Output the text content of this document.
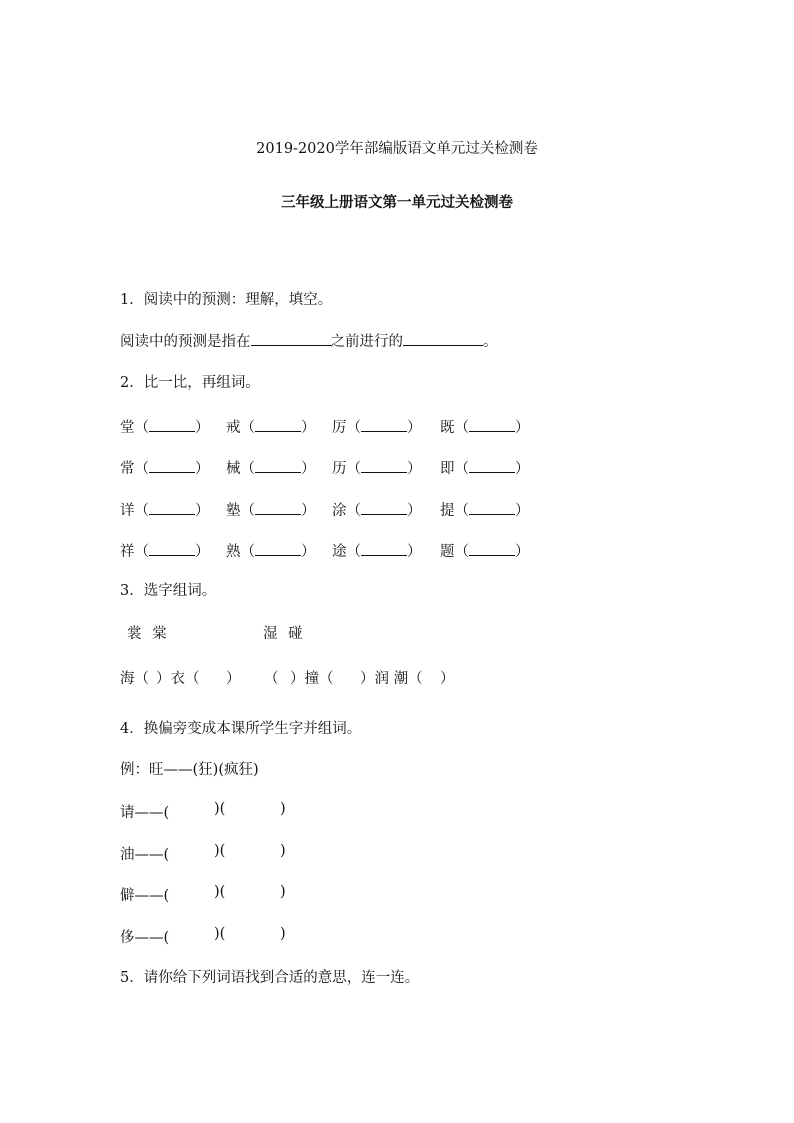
2019-2020学年部编版语文单元过关检测卷
三年级上册语文第一单元过关检测卷
1．阅读中的预测：理解，填空。
阅读中的预测是指在	之前进行的	。
2．比一比，再组词。
堂（	） 戒（	） 厉（	） 既（	）
常（	） 械（	） 历（	） 即（	）
详（	） 塾（	） 涂（	） 提（	）
祥（	） 熟（	） 途（	） 题（	）
3．选字组词。
裳 棠	湿 碰
海（ ）衣（ ） （ ）撞（ ）润 潮（ ）
4．换偏旁变成本课所学生字并组词。
例：旺——(狂)(疯狂)
请——(	)(	)
油——(	)(	)
僻——(	)(	)
侈——(	)(	)
5．请你给下列词语找到合适的意思，连一连。
